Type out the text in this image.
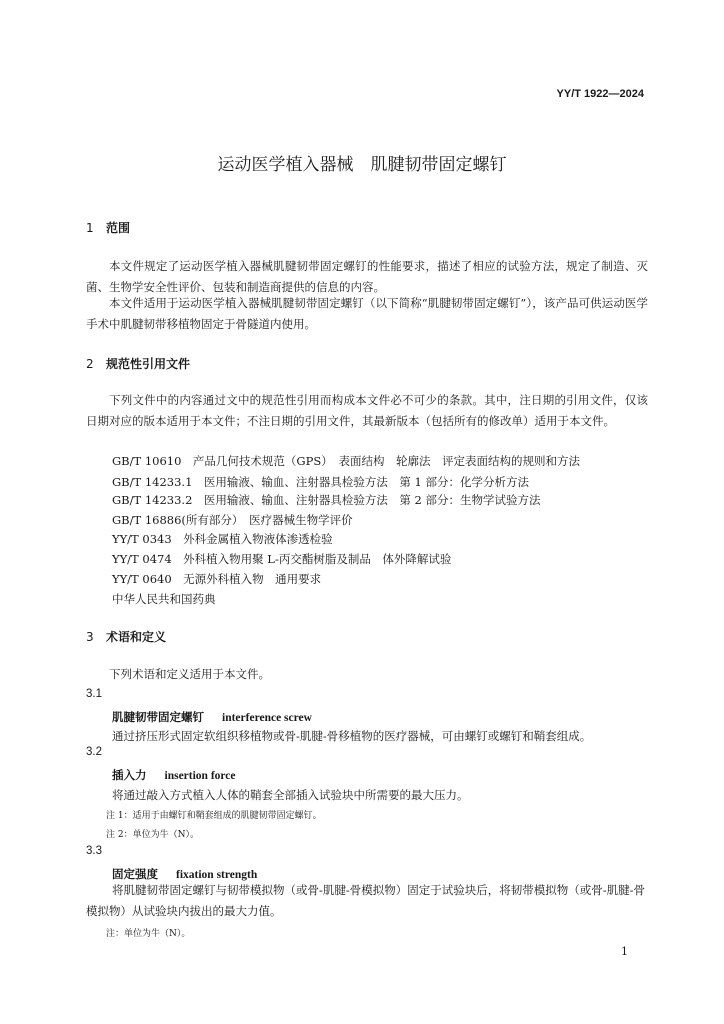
YY/T 1922—2024
运动医学植入器械　肌腱韧带固定螺钉
1 范围
本文件规定了运动医学植入器械肌腱韧带固定螺钉的性能要求，描述了相应的试验方法，规定了制造、灭菌、生物学安全性评价、包装和制造商提供的信息的内容。
本文件适用于运动医学植入器械肌腱韧带固定螺钉（以下简称“肌腱韧带固定螺钉”），该产品可供运动医学手术中肌腱韧带移植物固定于骨隧道内使用。
2 规范性引用文件
下列文件中的内容通过文中的规范性引用而构成本文件必不可少的条款。其中，注日期的引用文件，仅该日期对应的版本适用于本文件；不注日期的引用文件，其最新版本（包括所有的修改单）适用于本文件。
GB/T 10610　产品几何技术规范（GPS）　表面结构　轮廓法　评定表面结构的规则和方法
GB/T 14233.1　医用输液、输血、注射器具检验方法　第 1 部分：化学分析方法
GB/T 14233.2　医用输液、输血、注射器具检验方法　第 2 部分：生物学试验方法
GB/T 16886(所有部分）　医疗器械生物学评价
YY/T 0343　外科金属植入物液体渗透检验
YY/T 0474　外科植入物用聚 L-丙交酯树脂及制品　体外降解试验
YY/T 0640　无源外科植入物　通用要求
中华人民共和国药典
3 术语和定义
下列术语和定义适用于本文件。
3.1
肌腱韧带固定螺钉 interference screw
通过挤压形式固定软组织移植物或骨-肌腱-骨移植物的医疗器械，可由螺钉或螺钉和鞘套组成。
3.2
插入力 insertion force
将通过敲入方式植入人体的鞘套全部插入试验块中所需要的最大压力。
注 1：适用于由螺钉和鞘套组成的肌腱韧带固定螺钉。
注 2：单位为牛（N）。
3.3
固定强度 fixation strength
将肌腱韧带固定螺钉与韧带模拟物（或骨-肌腱-骨模拟物）固定于试验块后，将韧带模拟物（或骨-肌腱-骨模拟物）从试验块内拔出的最大力值。
注：单位为牛（N）。
1
